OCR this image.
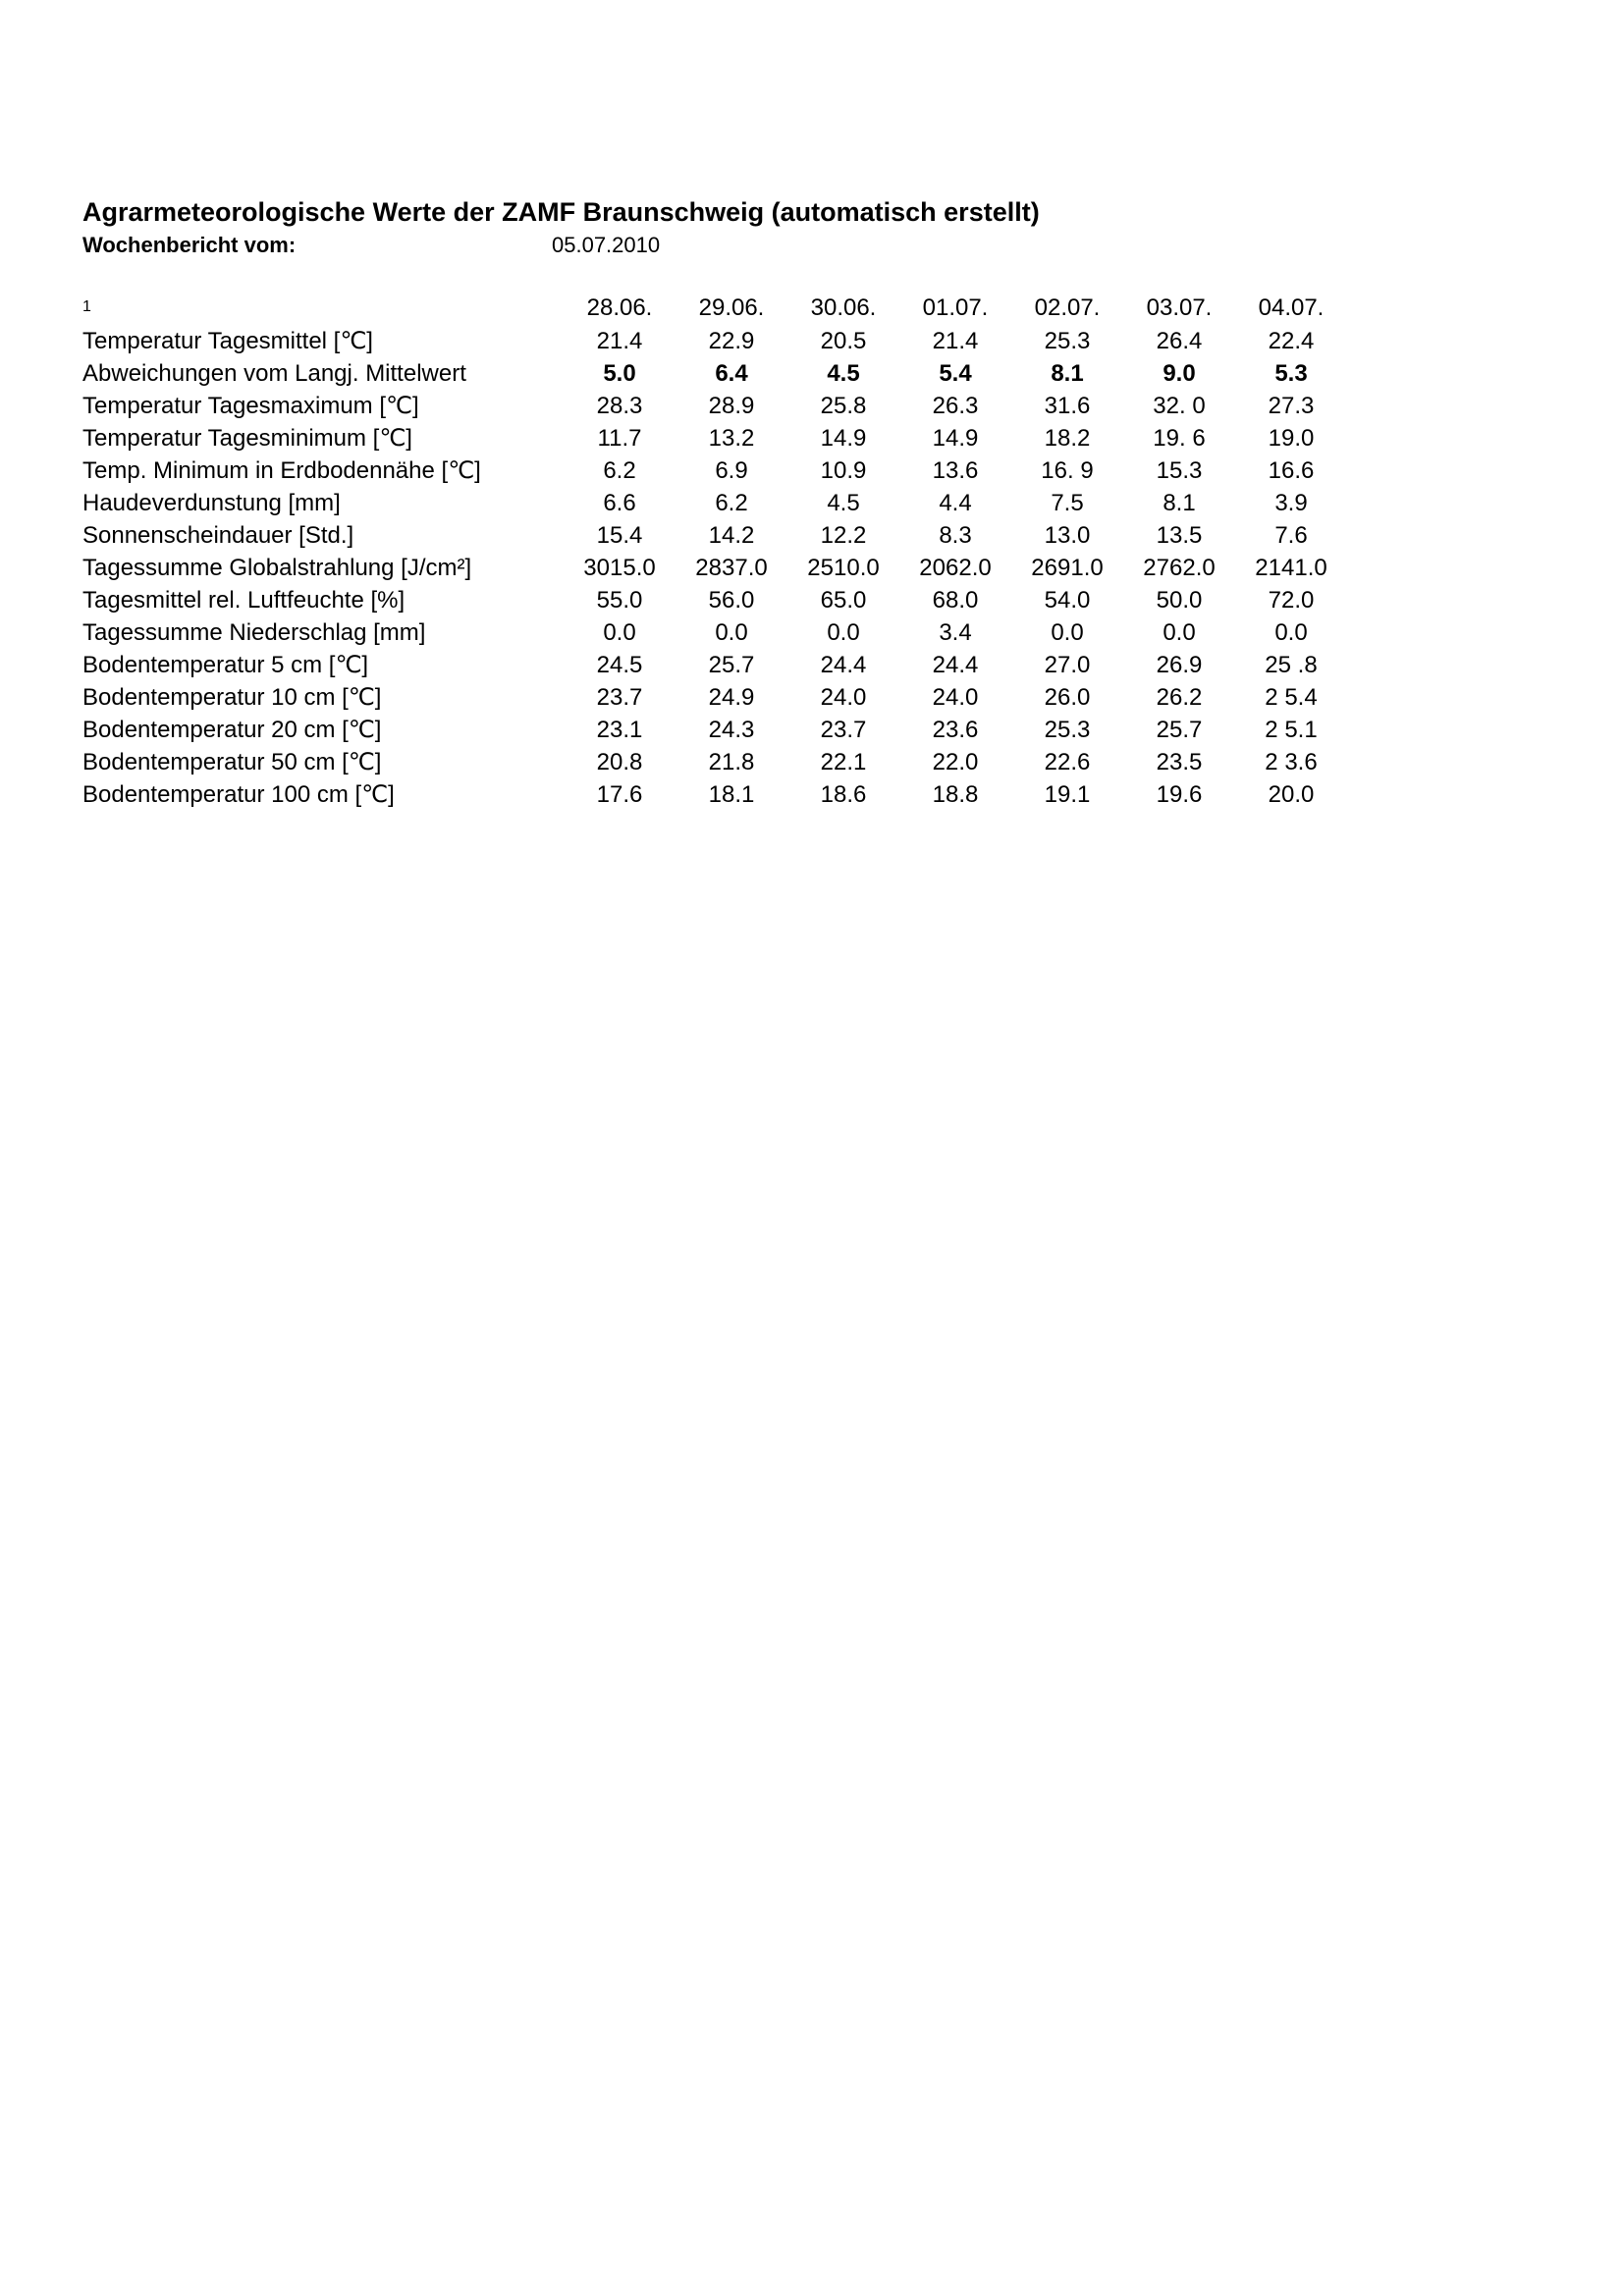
Agrarmeteorologische Werte der ZAMF Braunschweig (automatisch erstellt)
Wochenbericht vom:	05.07.2010
1	28.06.	29.06.	30.06.	01.07.	02.07.	03.07.	04.07.
Temperatur Tagesmittel [℃]	21.4	22.9	20.5	21.4	25.3	26.4	22.4
Abweichungen vom Langj. Mittelwert	5.0	6.4	4.5	5.4	8.1	9.0	5.3
Temperatur Tagesmaximum [℃]	28.3	28.9	25.8	26.3	31.6	32. 0	27.3
Temperatur Tagesminimum [℃]	11.7	13.2	14.9	14.9	18.2	19. 6	19.0
Temp. Minimum in Erdbodennähe [℃]	6.2	6.9	10.9	13.6	16. 9	15.3	16.6
Haudeverdunstung [mm]	6.6	6.2	4.5	4.4	7.5	8.1	3.9
Sonnenscheindauer [Std.]	15.4	14.2	12.2	8.3	13.0	13.5	7.6
Tagessumme Globalstrahlung [J/cm²]	3015.0	2837.0	2510.0	2062.0	2691.0	2762.0	2141.0
Tagesmittel rel. Luftfeuchte [%]	55.0	56.0	65.0	68.0	54.0	50.0	72.0
Tagessumme Niederschlag [mm]	0.0	0.0	0.0	3.4	0.0	0.0	0.0
Bodentemperatur 5 cm [℃]	24.5	25.7	24.4	24.4	27.0	26.9	25 .8
Bodentemperatur 10 cm [℃]	23.7	24.9	24.0	24.0	26.0	26.2	2 5.4
Bodentemperatur 20 cm [℃]	23.1	24.3	23.7	23.6	25.3	25.7	2 5.1
Bodentemperatur 50 cm [℃]	20.8	21.8	22.1	22.0	22.6	23.5	2 3.6
Bodentemperatur 100 cm [℃]	17.6	18.1	18.6	18.8	19.1	19.6	20.0
